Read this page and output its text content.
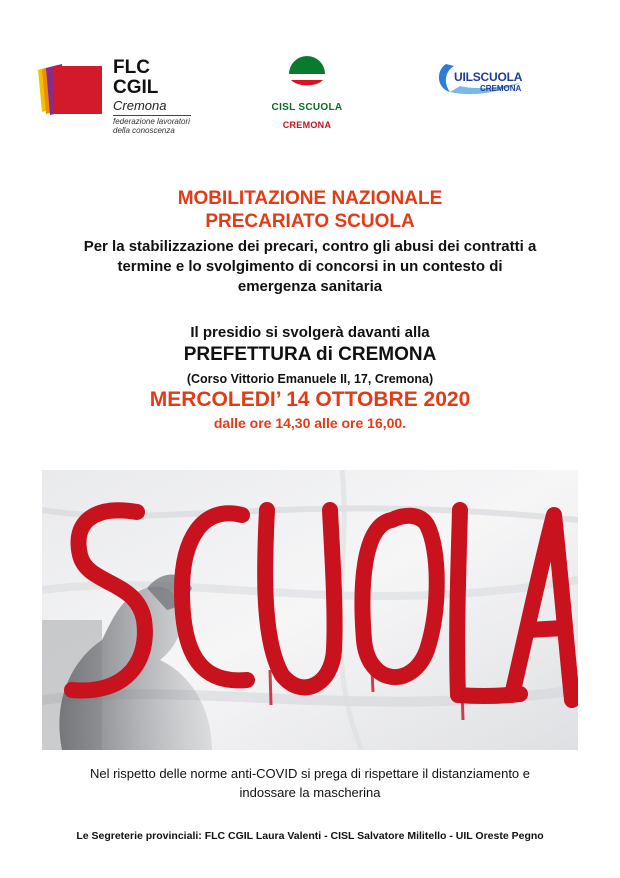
FLC CGIL
Cremona
federazione lavoratori
della conoscenza
CISL SCUOLA
CREMONA
UILSCUOLA
CREMONA
MOBILITAZIONE NAZIONALE
PRECARIATO SCUOLA
Per la stabilizzazione dei precari, contro gli abusi dei contratti a
termine e lo svolgimento di concorsi in un contesto di
emergenza sanitaria
Il presidio si svolgerà davanti alla
PREFETTURA di CREMONA
(Corso Vittorio Emanuele II, 17, Cremona)
MERCOLEDI’ 14 OTTOBRE 2020
dalle ore 14,30 alle ore 16,00.
Nel rispetto delle norme anti-COVID si prega di rispettare il distanziamento e
indossare la mascherina
Le Segreterie provinciali: FLC CGIL Laura Valenti - CISL Salvatore Militello - UIL Oreste Pegno
